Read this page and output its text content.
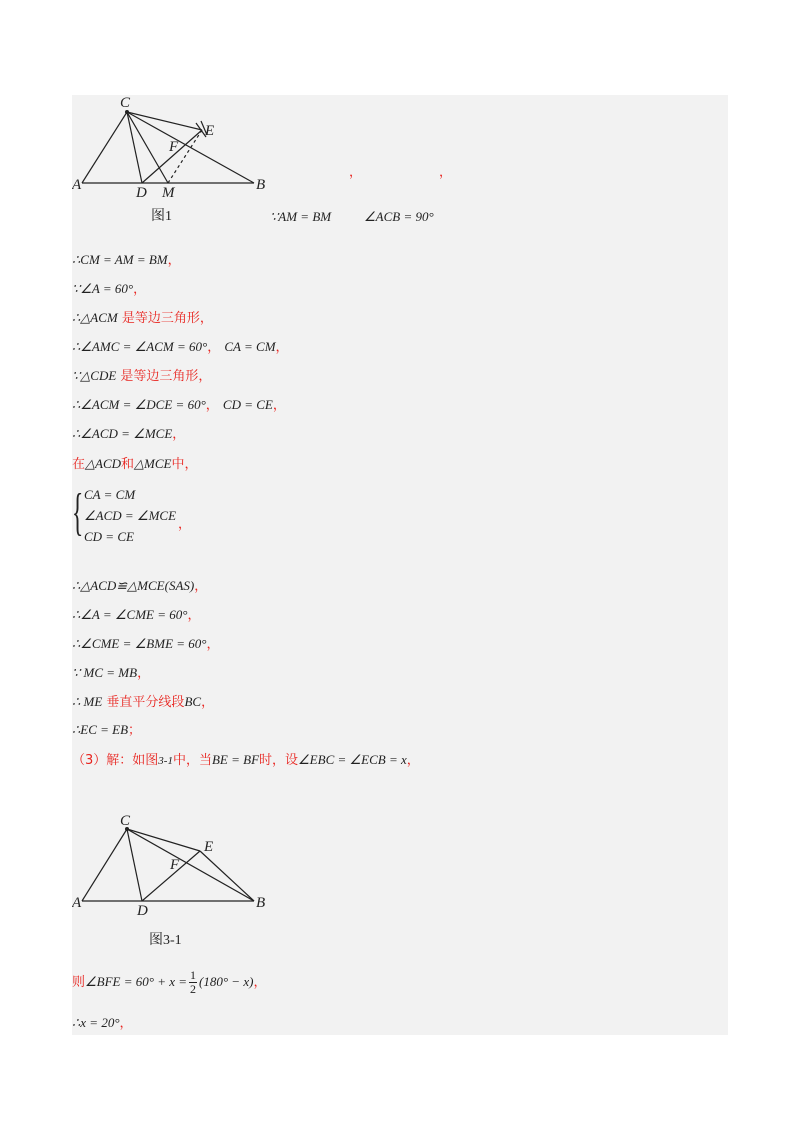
C
E
F
A	D M	B
图1
，	，
∵AM = BM	∠ACB = 90°
∴CM = AM = BM，
∵∠A = 60°，
∴△ACM 是等边三角形，
∴∠AMC = ∠ACM = 60°， CA = CM，
∵△CDE 是等边三角形，
∴∠ACM = ∠DCE = 60°， CD = CE，
∴∠ACD = ∠MCE，
在△ACD和△MCE中，
{ CA = CM
∠ACD = ∠MCE
CD = CE
，
∴△ACD≌△MCE(SAS)，
∴∠A = ∠CME = 60°，
∴∠CME = ∠BME = 60°，
∵ MC = MB，
∴ ME 垂直平分线段BC，
∴EC = EB；
（3）解：如图3-1中，当BE = BF时，设∠EBC = ∠ECB = x，
C
E
F
A	D	B
图3-1
则∠BFE = $60^\circ + x = \frac{1}{2} (180^\circ - x)$，
∴x = 20°，
